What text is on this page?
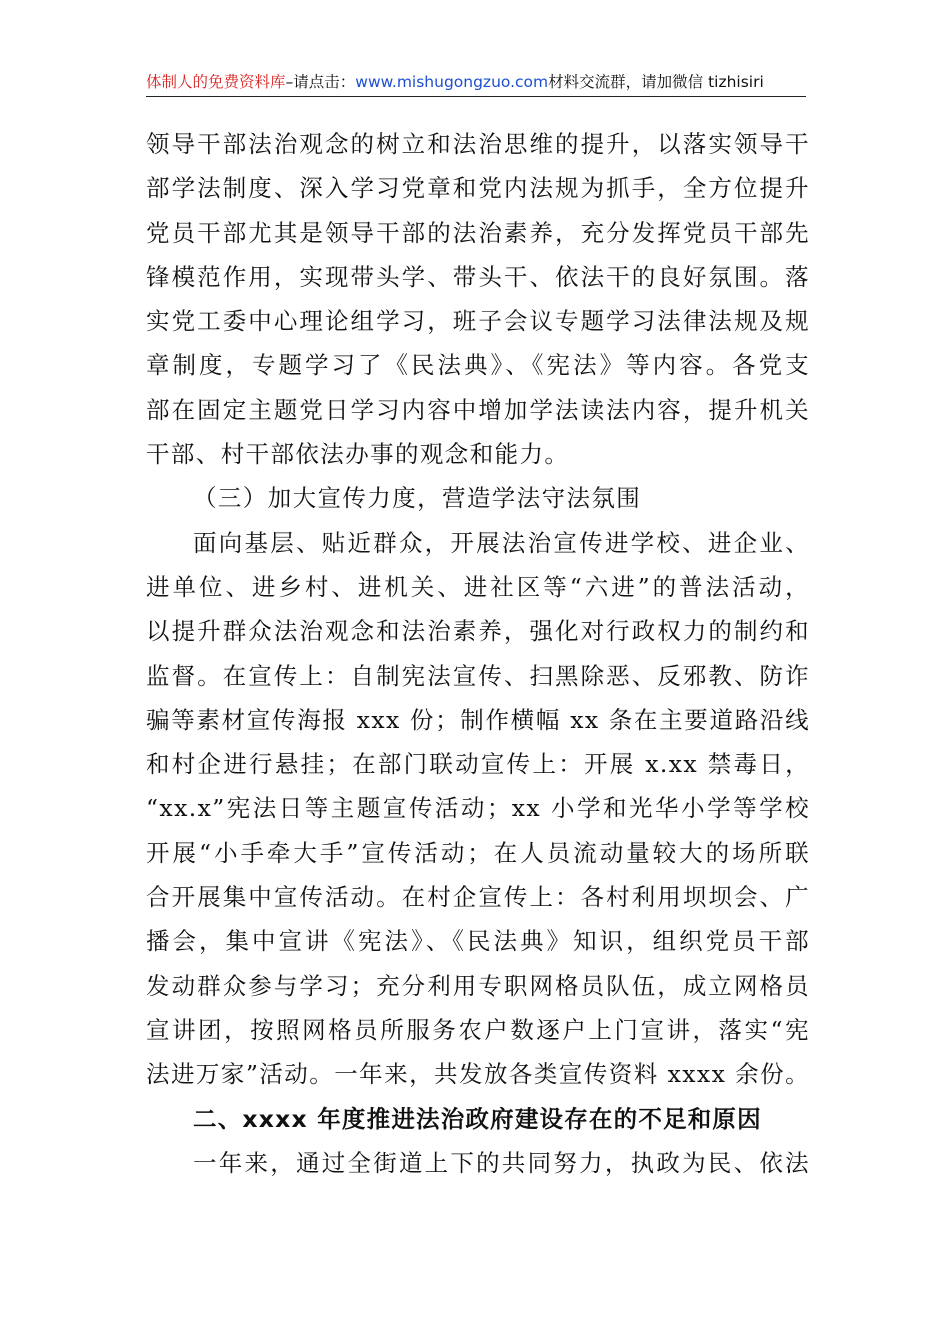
体制人的免费资料库–请点击：www.mishugongzuo.com材料交流群，请加微信 tizhisiri
领导干部法治观念的树立和法治思维的提升，以落实领导干
部学法制度、深入学习党章和党内法规为抓手，全方位提升
党员干部尤其是领导干部的法治素养，充分发挥党员干部先
锋模范作用，实现带头学、带头干、依法干的良好氛围。落
实党工委中心理论组学习，班子会议专题学习法律法规及规
章制度，专题学习了《民法典》、《宪法》等内容。各党支
部在固定主题党日学习内容中增加学法读法内容，提升机关
干部、村干部依法办事的观念和能力。
（三）加大宣传力度，营造学法守法氛围
面向基层、贴近群众，开展法治宣传进学校、进企业、
进单位、进乡村、进机关、进社区等“六进”的普法活动，
以提升群众法治观念和法治素养，强化对行政权力的制约和
监督。在宣传上：自制宪法宣传、扫黑除恶、反邪教、防诈
骗等素材宣传海报 xxx 份；制作横幅 xx 条在主要道路沿线
和村企进行悬挂；在部门联动宣传上：开展 x.xx 禁毒日，
“xx.x”宪法日等主题宣传活动；xx 小学和光华小学等学校
开展“小手牵大手”宣传活动；在人员流动量较大的场所联
合开展集中宣传活动。在村企宣传上：各村利用坝坝会、广
播会，集中宣讲《宪法》、《民法典》知识，组织党员干部
发动群众参与学习；充分利用专职网格员队伍，成立网格员
宣讲团，按照网格员所服务农户数逐户上门宣讲，落实“宪
法进万家”活动。一年来，共发放各类宣传资料 xxxx 余份。
二、xxxx 年度推进法治政府建设存在的不足和原因
一年来，通过全街道上下的共同努力，执政为民、依法
